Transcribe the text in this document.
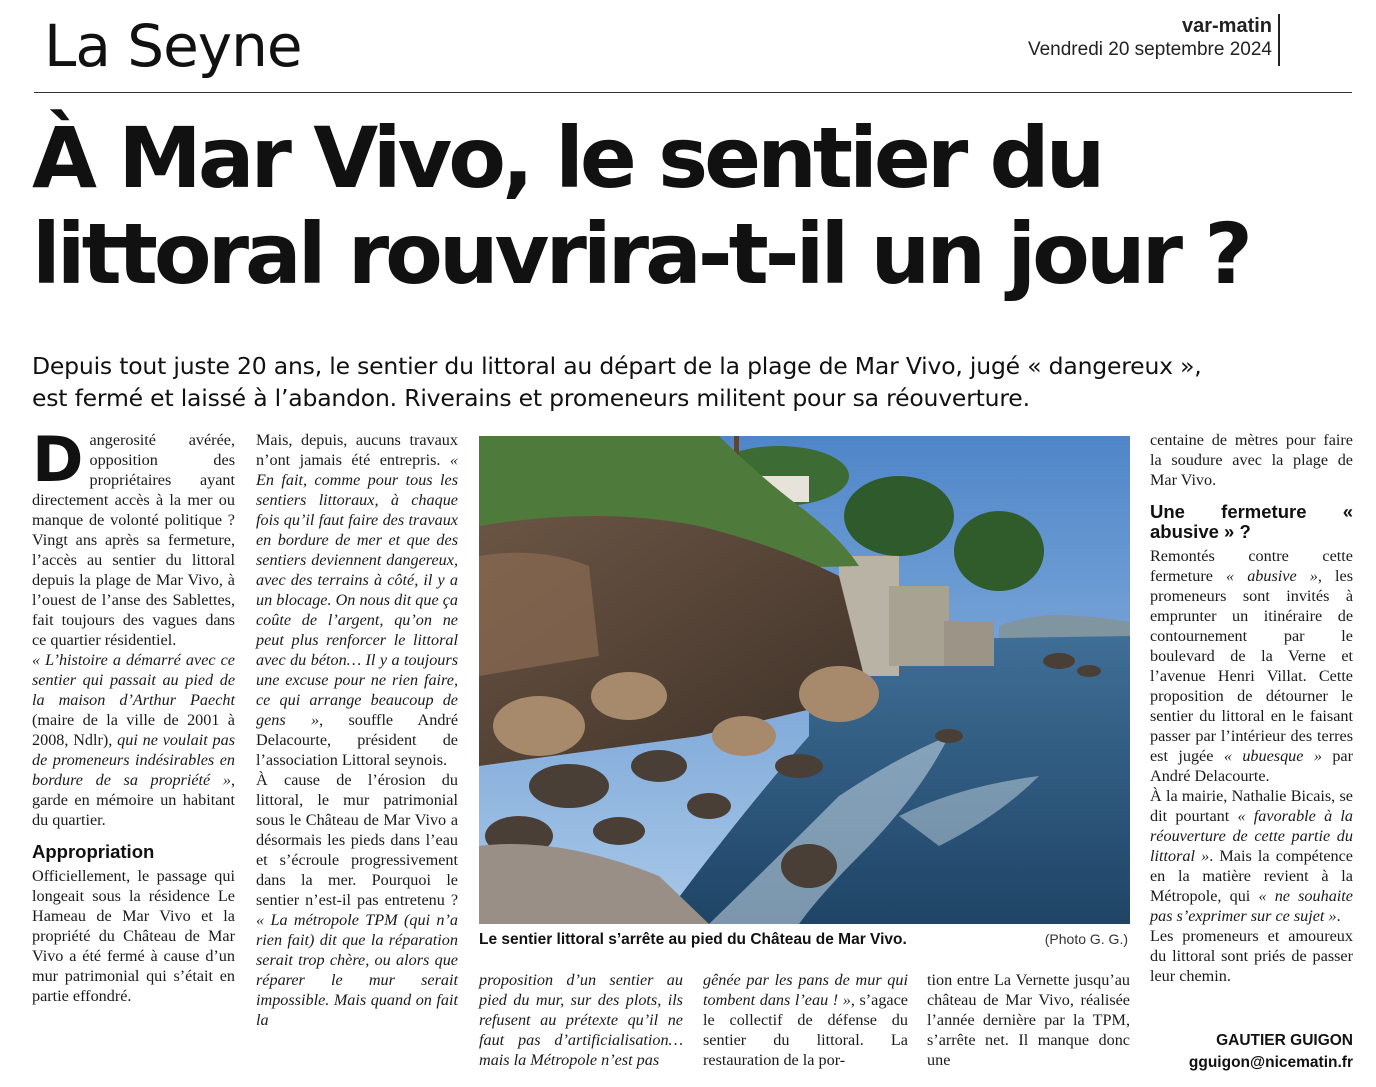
La Seyne	var-matin
Vendredi 20 septembre 2024
À Mar Vivo, le sentier du
littoral rouvrira-t-il un jour ?
Depuis tout juste 20 ans, le sentier du littoral au départ de la plage de Mar Vivo, jugé « dangereux »,
est fermé et laissé à l’abandon. Riverains et promeneurs militent pour sa réouverture.

Dangerosité avérée, opposition des propriétaires ayant directement accès à la mer ou manque de volonté politique ? Vingt ans après sa fermeture, l’accès au sentier du littoral depuis la plage de Mar Vivo, à l’ouest de l’anse des Sablettes, fait toujours des vagues dans ce quartier résidentiel.

« L’histoire a démarré avec ce sentier qui passait au pied de la maison d’Arthur Paecht (maire de la ville de 2001 à 2008, Ndlr), qui ne voulait pas de promeneurs indésirables en bordure de sa propriété », garde en mémoire un habitant du quartier.

Appropriation

Officiellement, le passage qui longeait sous la résidence Le Hameau de Mar Vivo et la propriété du Château de Mar Vivo a été fermé à cause d’un mur patrimonial qui s’était en partie effondré.

Mais, depuis, aucuns travaux n’ont jamais été entrepris. « En fait, comme pour tous les sentiers littoraux, à chaque fois qu’il faut faire des travaux en bordure de mer et que des sentiers deviennent dangereux, avec des terrains à côté, il y a un blocage. On nous dit que ça coûte de l’argent, qu’on ne peut plus renforcer le littoral avec du béton… Il y a toujours une excuse pour ne rien faire, ce qui arrange beaucoup de gens », souffle André Delacourte, président de l’association Littoral seynois.

À cause de l’érosion du littoral, le mur patrimonial sous le Château de Mar Vivo a désormais les pieds dans l’eau et s’écroule progressivement dans la mer. Pourquoi le sentier n’est-il pas entretenu ? « La métropole TPM (qui n’a rien fait) dit que la réparation serait trop chère, ou alors que réparer le mur serait impossible. Mais quand on fait la

Le sentier littoral s’arrête au pied du Château de Mar Vivo.	(Photo G. G.)

proposition d’un sentier au pied du mur, sur des plots, ils refusent au prétexte qu’il ne faut pas d’artificialisation… mais la Métropole n’est pas

gênée par les pans de mur qui tombent dans l’eau ! », s’agace le collectif de défense du sentier du littoral. La restauration de la por-

tion entre La Vernette jusqu’au château de Mar Vivo, réalisée l’année dernière par la TPM, s’arrête net. Il manque donc une

centaine de mètres pour faire la soudure avec la plage de Mar Vivo.

Une fermeture « abusive » ?

Remontés contre cette fermeture « abusive », les promeneurs sont invités à emprunter un itinéraire de contournement par le boulevard de la Verne et l’avenue Henri Villat. Cette proposition de détourner le sentier du littoral en le faisant passer par l’intérieur des terres est jugée « ubuesque » par André Delacourte.

À la mairie, Nathalie Bicais, se dit pourtant « favorable à la réouverture de cette partie du littoral ». Mais la compétence en la matière revient à la Métropole, qui « ne souhaite pas s’exprimer sur ce sujet ».

Les promeneurs et amoureux du littoral sont priés de passer leur chemin.

GAUTIER GUIGON
gguigon@nicematin.fr
